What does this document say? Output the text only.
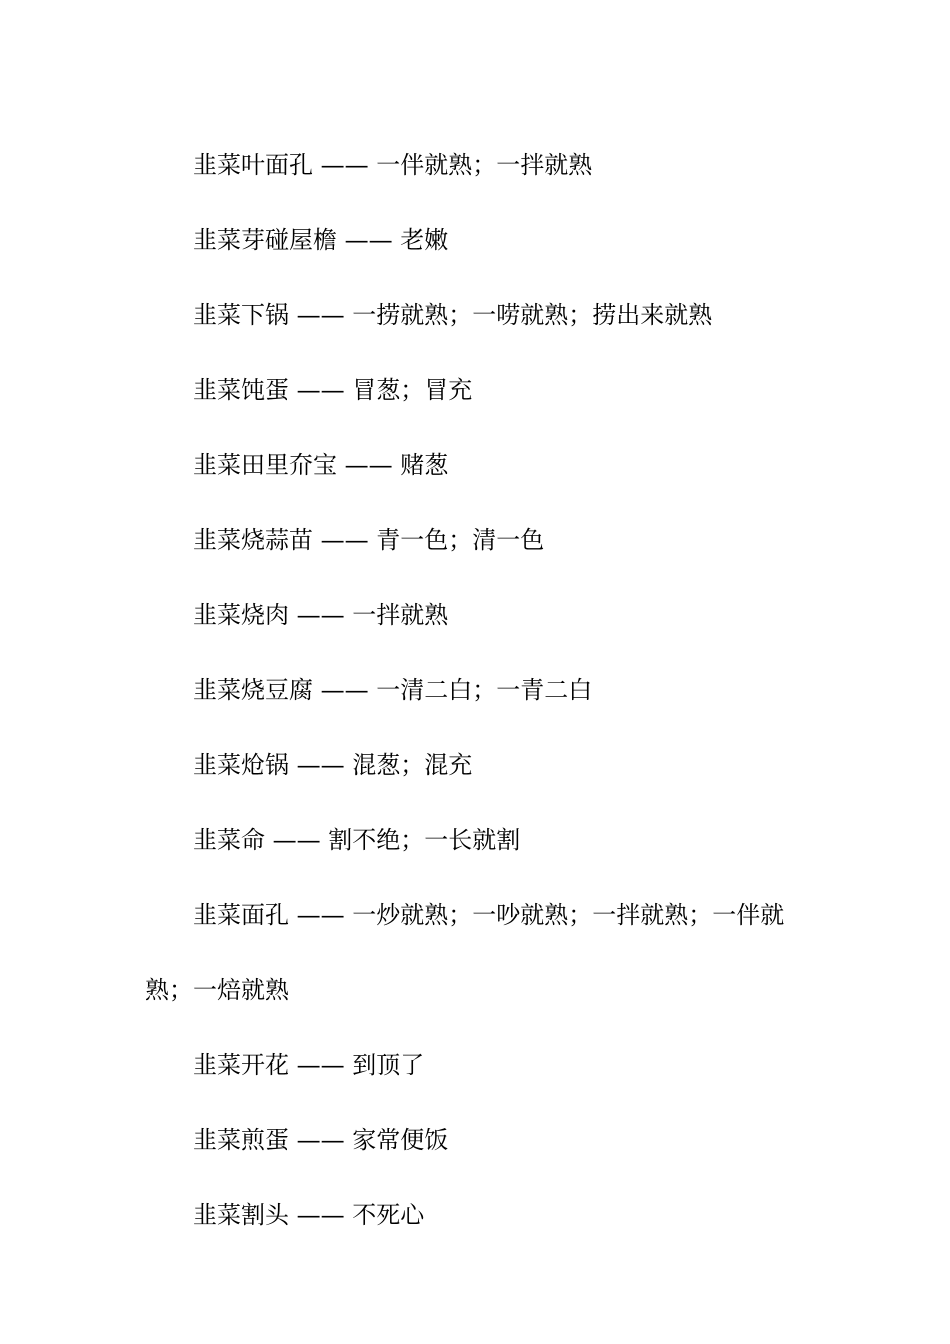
韭菜叶面孔 —— 一伴就熟；一拌就熟
韭菜芽碰屋檐 —— 老嫩
韭菜下锅 —— 一捞就熟；一唠就熟；捞出来就熟
韭菜饨蛋 —— 冒葱；冒充
韭菜田里夼宝 —— 赌葱
韭菜烧蒜苗 —— 青一色；清一色
韭菜烧肉 —— 一拌就熟
韭菜烧豆腐 —— 一清二白；一青二白
韭菜炝锅 —— 混葱；混充
韭菜命 —— 割不绝；一长就割
韭菜面孔 —— 一炒就熟；一吵就熟；一拌就熟；一伴就熟；一焙就熟
韭菜开花 —— 到顶了
韭菜煎蛋 —— 家常便饭
韭菜割头 —— 不死心
